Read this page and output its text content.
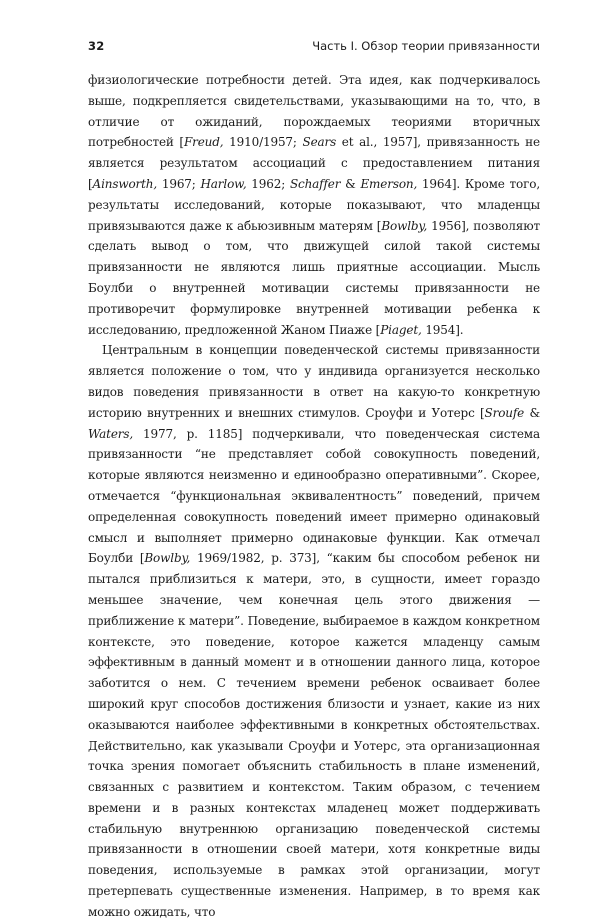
32	Часть I. Обзор теории привязанности

физиологические потребности детей. Эта идея, как подчеркивалось выше, подкрепляется свидетельствами, указывающими на то, что, в отличие от ожиданий, порождаемых теориями вторичных потребностей [Freud, 1910/1957; Sears et al., 1957], привязанность не является результатом ассоциаций с предоставлением питания [Ainsworth, 1967; Harlow, 1962; Schaffer & Emerson, 1964]. Кроме того, результаты исследований, которые показывают, что младенцы привязываются даже к абьюзивным матерям [Bowlby, 1956], позволяют сделать вывод о том, что движущей силой такой системы привязанности не являются лишь приятные ассоциации. Мысль Боулби о внутренней мотивации системы привязанности не противоречит формулировке внутренней мотивации ребенка к исследованию, предложенной Жаном Пиаже [Piaget, 1954].

Центральным в концепции поведенческой системы привязанности является положение о том, что у индивида организуется несколько видов поведения привязанности в ответ на какую-то конкретную историю внутренних и внешних стимулов. Сроуфи и Уотерс [Sroufe & Waters, 1977, p. 1185] подчеркивали, что поведенческая система привязанности “не представляет собой совокупность поведений, которые являются неизменно и единообразно оперативными”. Скорее, отмечается “функциональная эквивалентность” поведений, причем определенная совокупность поведений имеет примерно одинаковый смысл и выполняет примерно одинаковые функции. Как отмечал Боулби [Bowlby, 1969/1982, p. 373], “каким бы способом ребенок ни пытался приблизиться к матери, это, в сущности, имеет гораздо меньшее значение, чем конечная цель этого движения — приближение к матери”. Поведение, выбираемое в каждом конкретном контексте, это поведение, которое кажется младенцу самым эффективным в данный момент и в отношении данного лица, которое заботится о нем. С течением времени ребенок осваивает более широкий круг способов достижения близости и узнает, какие из них оказываются наиболее эффективными в конкретных обстоятельствах. Действительно, как указывали Сроуфи и Уотерс, эта организационная точка зрения помогает объяснить стабильность в плане изменений, связанных с развитием и контекстом. Таким образом, с течением времени и в разных контекстах младенец может поддерживать стабильную внутреннюю организацию поведенческой системы привязанности в отношении своей матери, хотя конкретные виды поведения, используемые в рамках этой организации, могут претерпевать существенные изменения. Например, в то время как можно ожидать, что
